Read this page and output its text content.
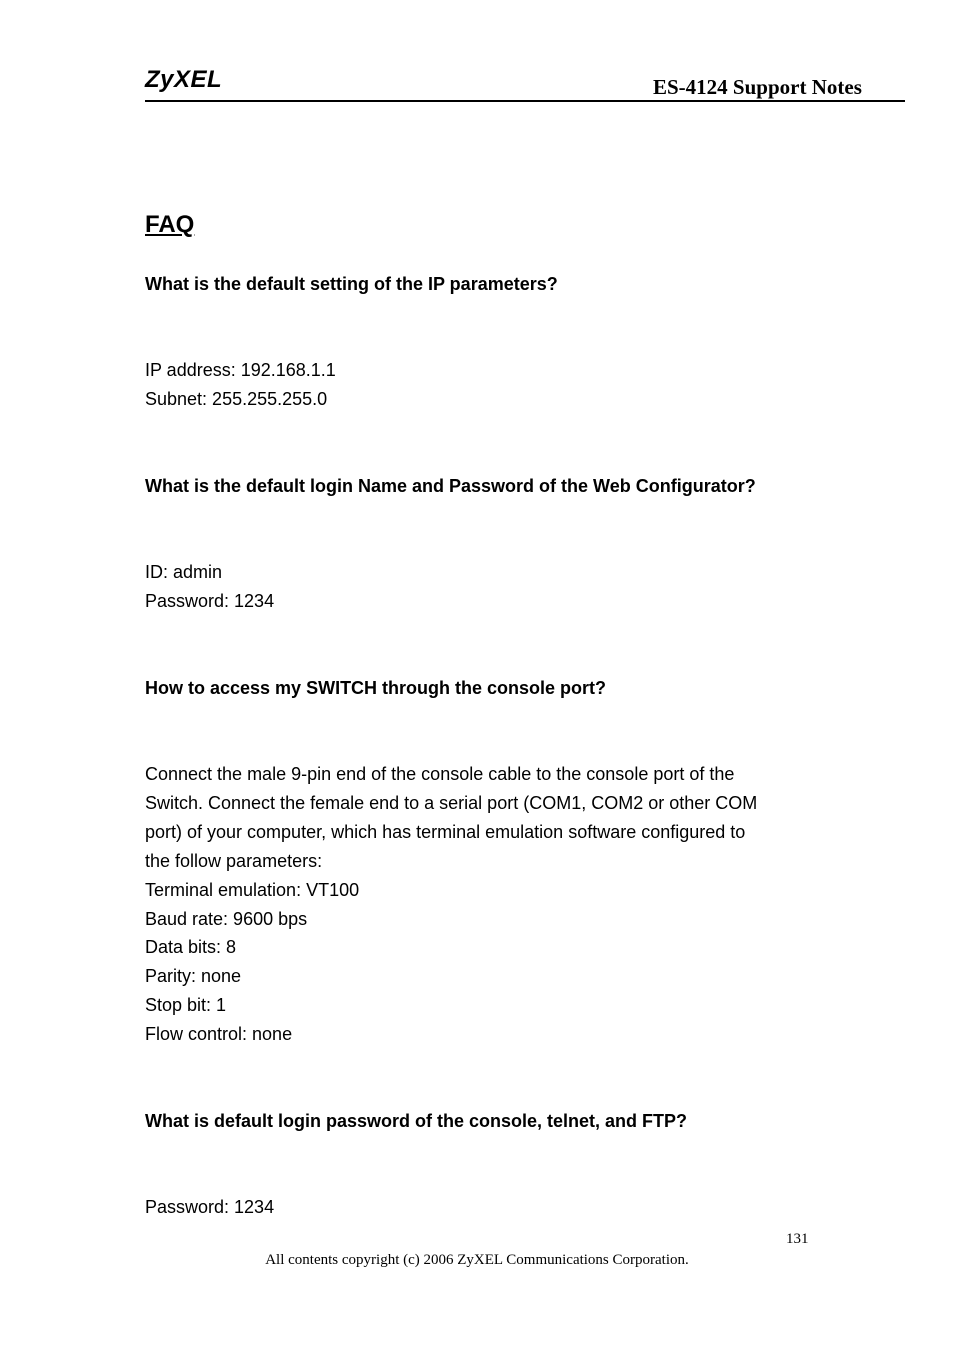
ZyXEL	ES-4124 Support Notes
FAQ
What is the default setting of the IP parameters?
IP address: 192.168.1.1
Subnet: 255.255.255.0
What is the default login Name and Password of the Web Configurator?
ID: admin
Password: 1234
How to access my SWITCH through the console port?
Connect the male 9-pin end of the console cable to the console port of the
Switch. Connect the female end to a serial port (COM1, COM2 or other COM
port) of your computer, which has terminal emulation software configured to
the follow parameters:
Terminal emulation: VT100
Baud rate: 9600 bps
Data bits: 8
Parity: none
Stop bit: 1
Flow control: none
What is default login password of the console, telnet, and FTP?
Password: 1234
131
All contents copyright (c) 2006 ZyXEL Communications Corporation.
